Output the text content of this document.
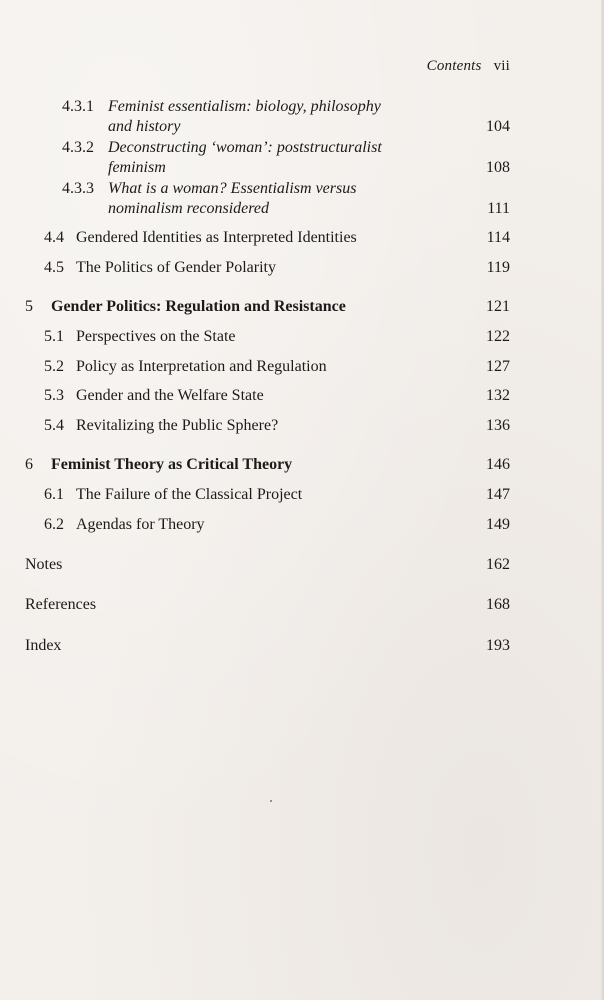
Contents vii
4.3.1 Feminist essentialism: biology, philosophy
and history	104
4.3.2 Deconstructing ‘woman’: poststructuralist
feminism	108
4.3.3 What is a woman? Essentialism versus
nominalism reconsidered	111
4.4 Gendered Identities as Interpreted Identities	114
4.5 The Politics of Gender Polarity	119
5 Gender Politics: Regulation and Resistance	121
5.1 Perspectives on the State	122
5.2 Policy as Interpretation and Regulation	127
5.3 Gender and the Welfare State	132
5.4 Revitalizing the Public Sphere?	136
6 Feminist Theory as Critical Theory	146
6.1 The Failure of the Classical Project	147
6.2 Agendas for Theory	149
Notes	162
References	168
Index	193
